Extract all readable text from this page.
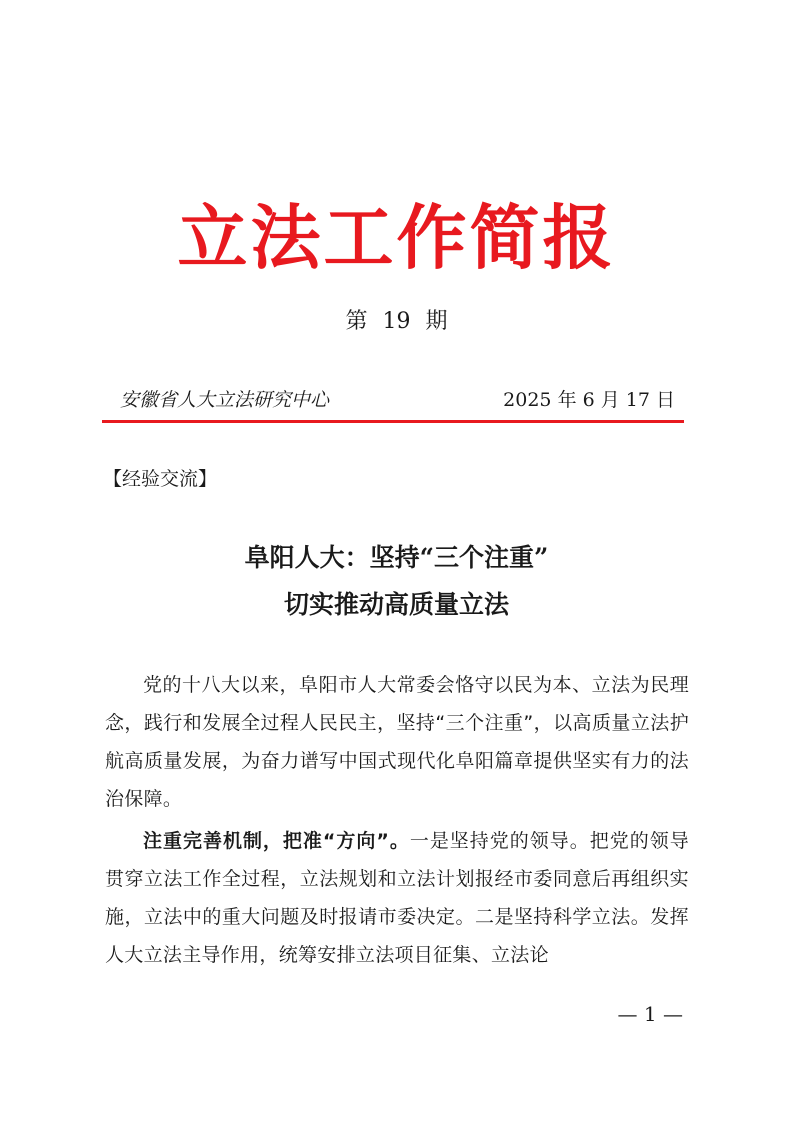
立法工作简报
第 19 期
安徽省人大立法研究中心	2025 年 6 月 17 日
【经验交流】
阜阳人大：坚持“三个注重”
切实推动高质量立法

党的十八大以来，阜阳市人大常委会恪守以民为本、立法为民理念，践行和发展全过程人民民主，坚持“三个注重”，以高质量立法护航高质量发展，为奋力谱写中国式现代化阜阳篇章提供坚实有力的法治保障。

注重完善机制，把准“方向”。一是坚持党的领导。把党的领导贯穿立法工作全过程，立法规划和立法计划报经市委同意后再组织实施，立法中的重大问题及时报请市委决定。二是坚持科学立法。发挥人大立法主导作用，统筹安排立法项目征集、立法论

— 1 —
